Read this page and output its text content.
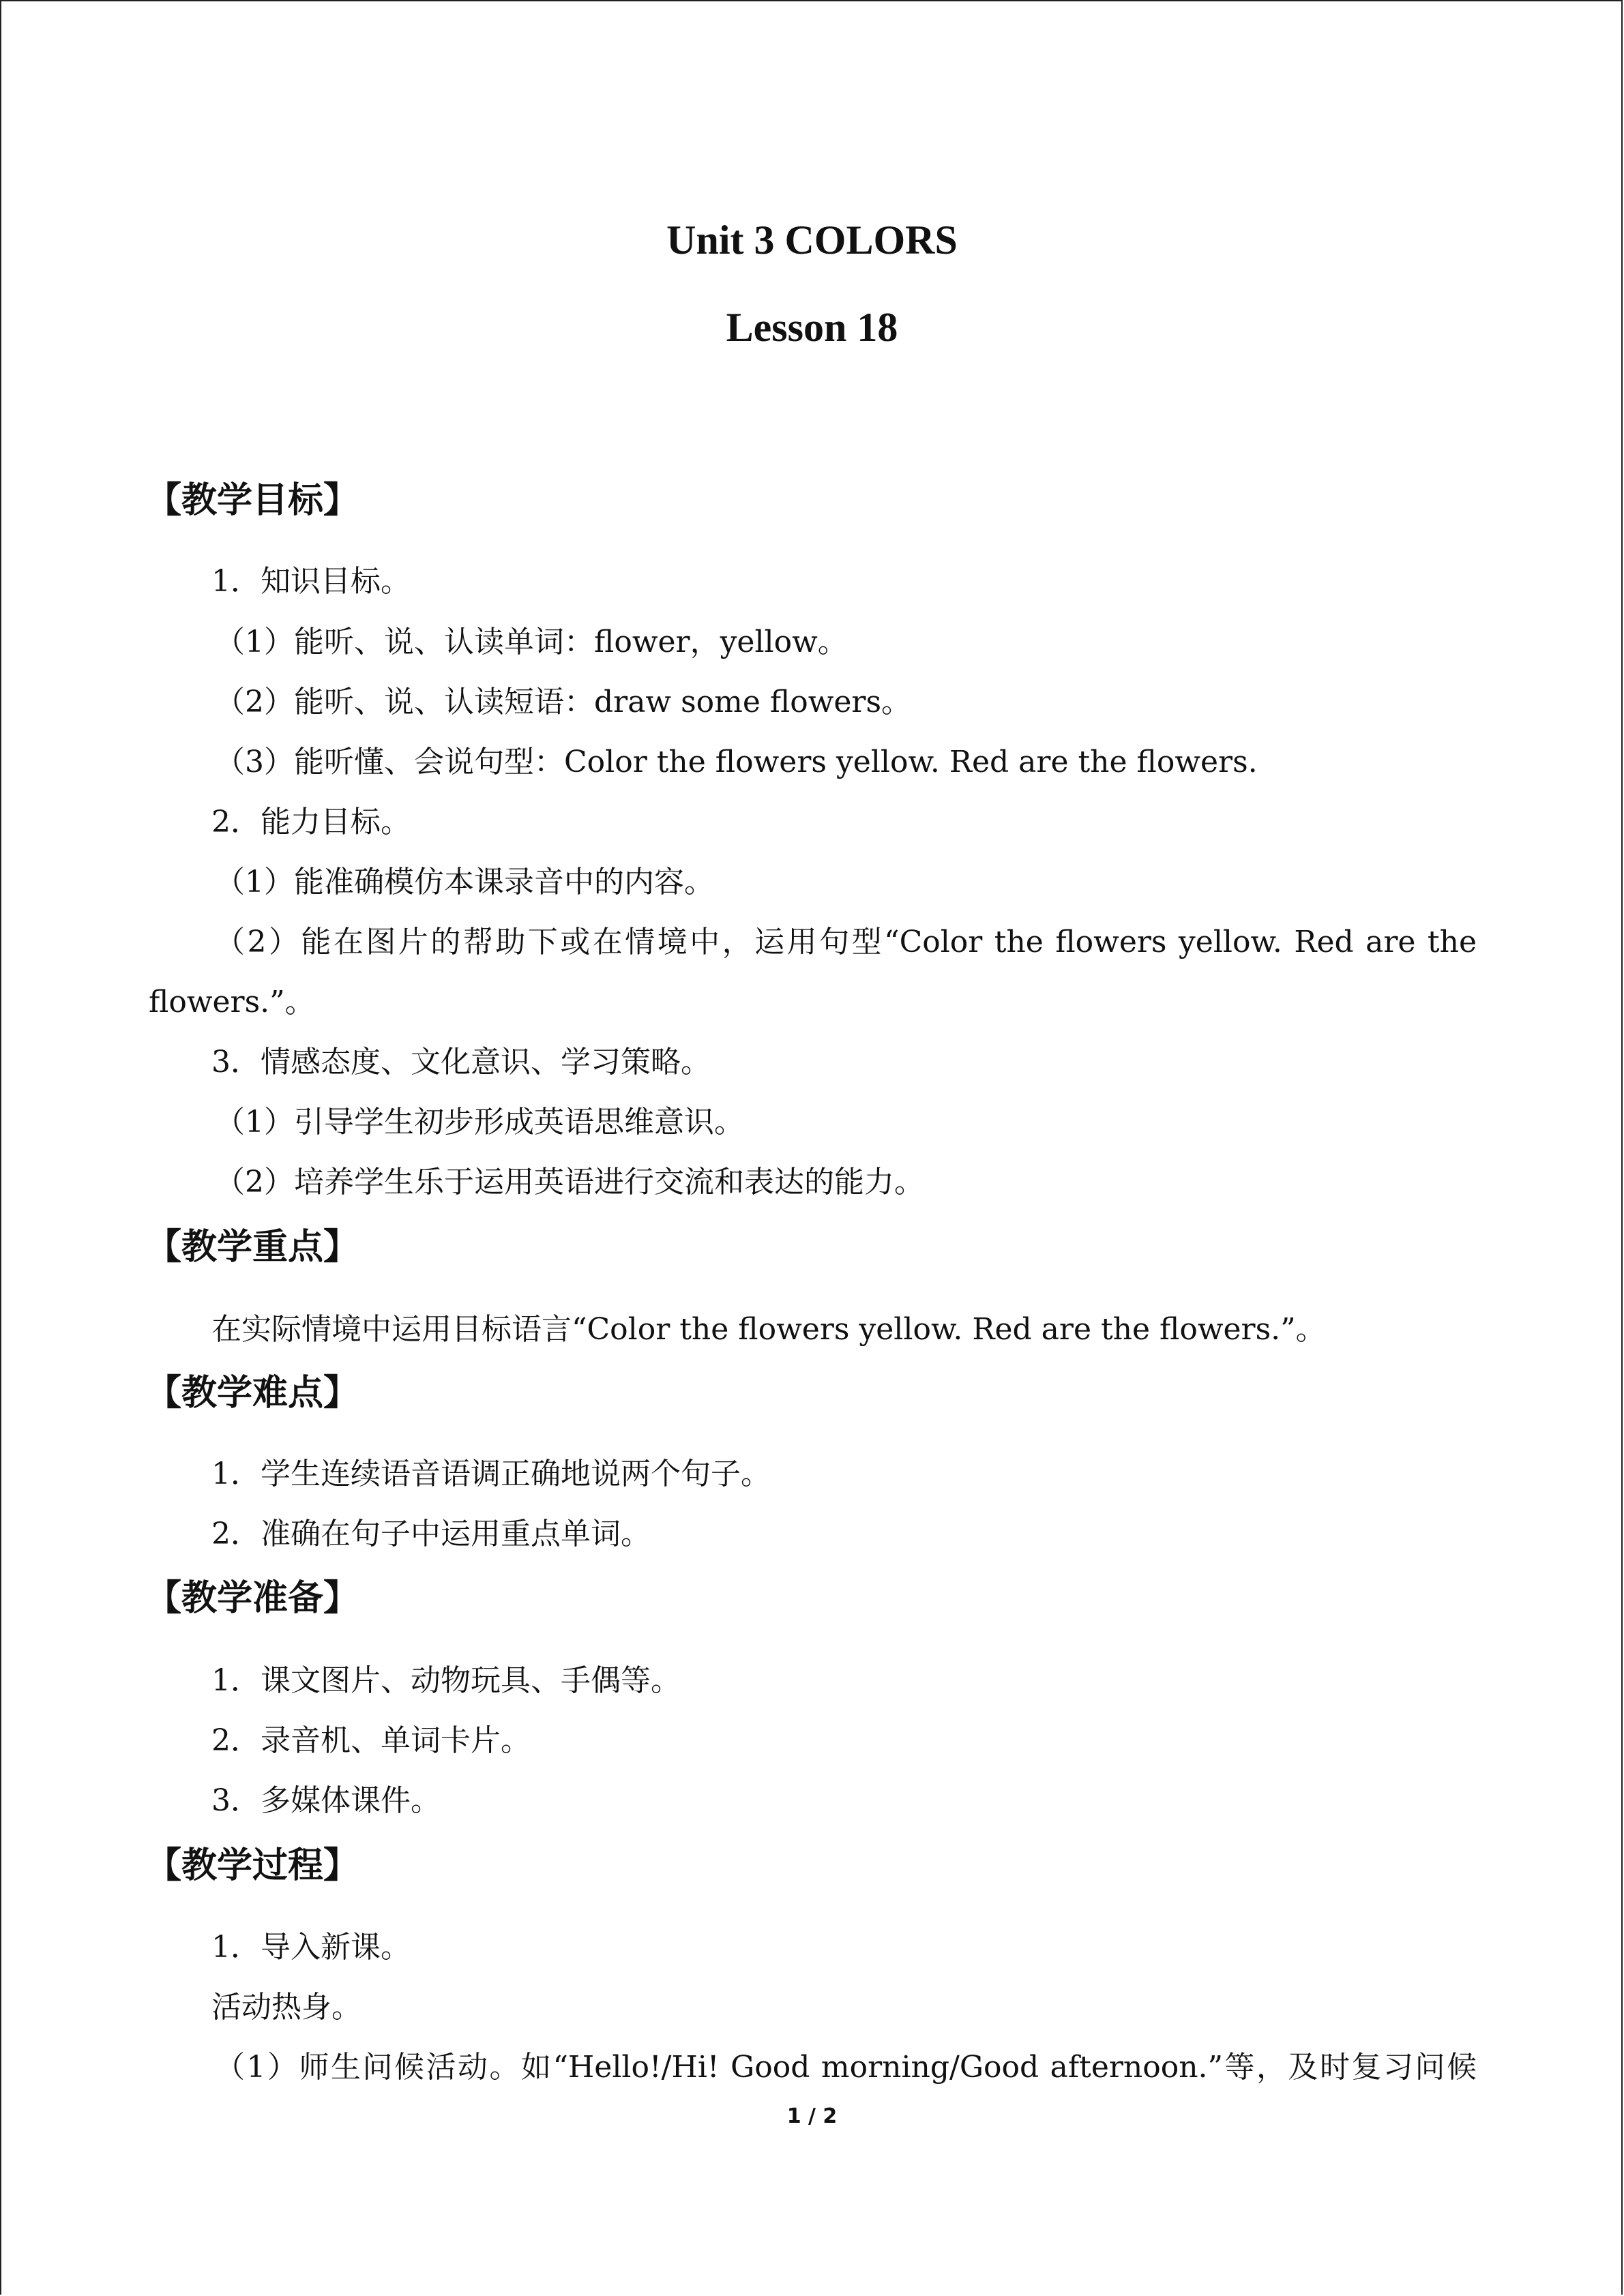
Unit 3 COLORS
Lesson 18
【教学目标】
1．知识目标。
（1）能听、说、认读单词：flower，yellow。
（2）能听、说、认读短语：draw some flowers。
（3）能听懂、会说句型：Color the flowers yellow. Red are the flowers.
2．能力目标。
（1）能准确模仿本课录音中的内容。
（2）能在图片的帮助下或在情境中，运用句型“Color the flowers yellow. Red are the
flowers.”。
3．情感态度、文化意识、学习策略。
（1）引导学生初步形成英语思维意识。
（2）培养学生乐于运用英语进行交流和表达的能力。
【教学重点】
在实际情境中运用目标语言“Color the flowers yellow. Red are the flowers.”。
【教学难点】
1．学生连续语音语调正确地说两个句子。
2．准确在句子中运用重点单词。
【教学准备】
1．课文图片、动物玩具、手偶等。
2．录音机、单词卡片。
3．多媒体课件。
【教学过程】
1．导入新课。
活动热身。
（1）师生问候活动。如“Hello!/Hi! Good morning/Good afternoon.”等，及时复习问候
1 / 2
